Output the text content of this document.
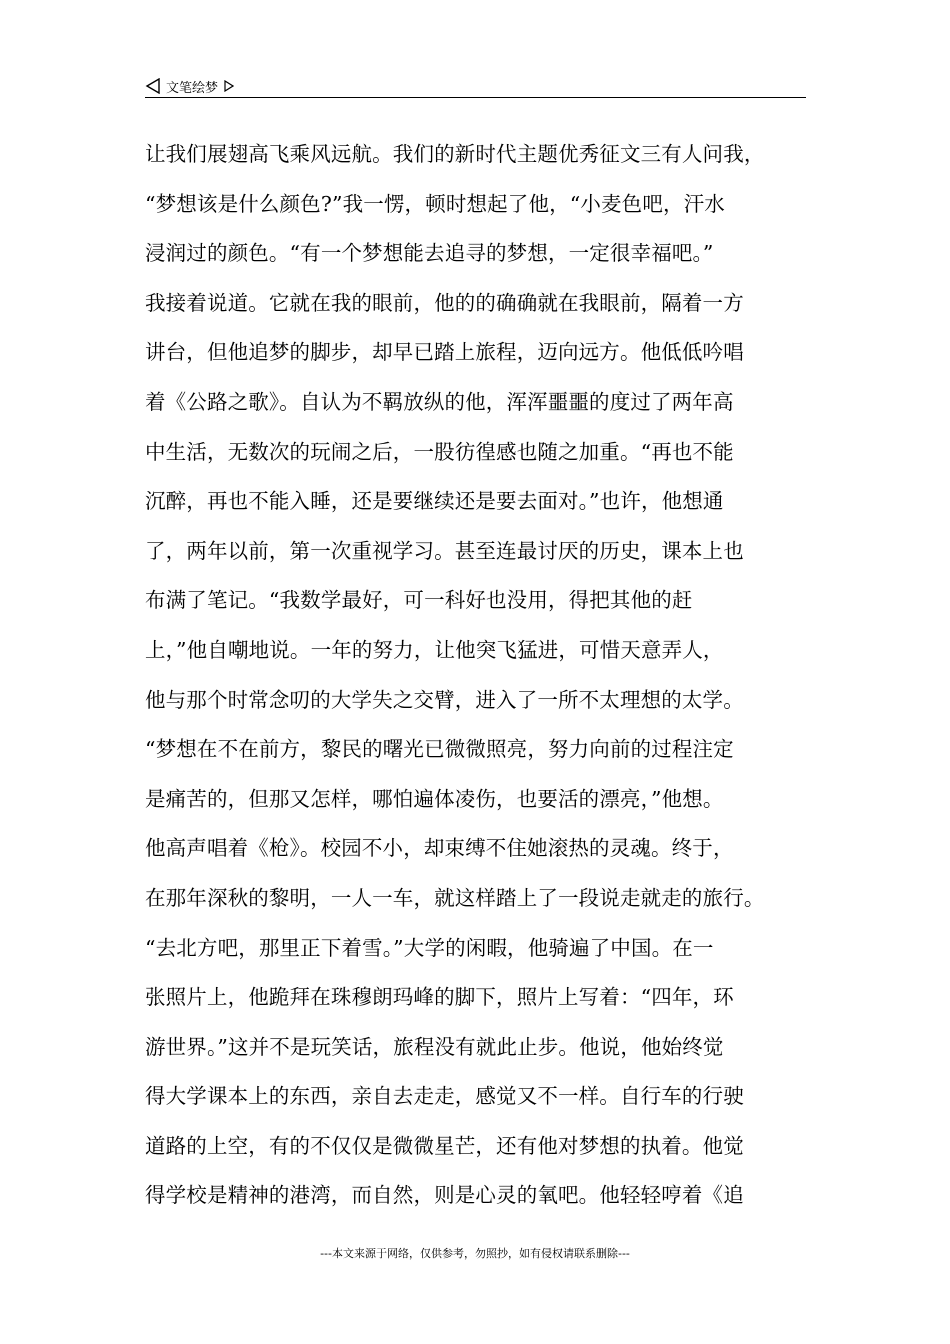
文笔绘梦
让我们展翅高飞乘风远航。我们的新时代主题优秀征文三有人问我，
“梦想该是什么颜色?”我一愣，顿时想起了他，“小麦色吧，汗水
浸润过的颜色。“有一个梦想能去追寻的梦想，一定很幸福吧。”
我接着说道。它就在我的眼前，他的的确确就在我眼前，隔着一方
讲台，但他追梦的脚步，却早已踏上旅程，迈向远方。他低低吟唱
着《公路之歌》。自认为不羁放纵的他，浑浑噩噩的度过了两年高
中生活，无数次的玩闹之后，一股彷徨感也随之加重。“再也不能
沉醉，再也不能入睡，还是要继续还是要去面对。”也许，他想通
了，两年以前，第一次重视学习。甚至连最讨厌的历史，课本上也
布满了笔记。“我数学最好，可一科好也没用，得把其他的赶
上，”他自嘲地说。一年的努力，让他突飞猛进，可惜天意弄人，
他与那个时常念叨的大学失之交臂，进入了一所不太理想的太学。
“梦想在不在前方，黎民的曙光已微微照亮，努力向前的过程注定
是痛苦的，但那又怎样，哪怕遍体凌伤，也要活的漂亮，”他想。
他高声唱着《枪》。校园不小，却束缚不住她滚热的灵魂。终于，
在那年深秋的黎明，一人一车，就这样踏上了一段说走就走的旅行。
“去北方吧，那里正下着雪。”大学的闲暇，他骑遍了中国。在一
张照片上，他跪拜在珠穆朗玛峰的脚下，照片上写着：“四年，环
游世界。”这并不是玩笑话，旅程没有就此止步。他说，他始终觉
得大学课本上的东西，亲自去走走，感觉又不一样。自行车的行驶
道路的上空，有的不仅仅是微微星芒，还有他对梦想的执着。他觉
得学校是精神的港湾，而自然，则是心灵的氧吧。他轻轻哼着《追
---本文来源于网络，仅供参考，勿照抄，如有侵权请联系删除---
